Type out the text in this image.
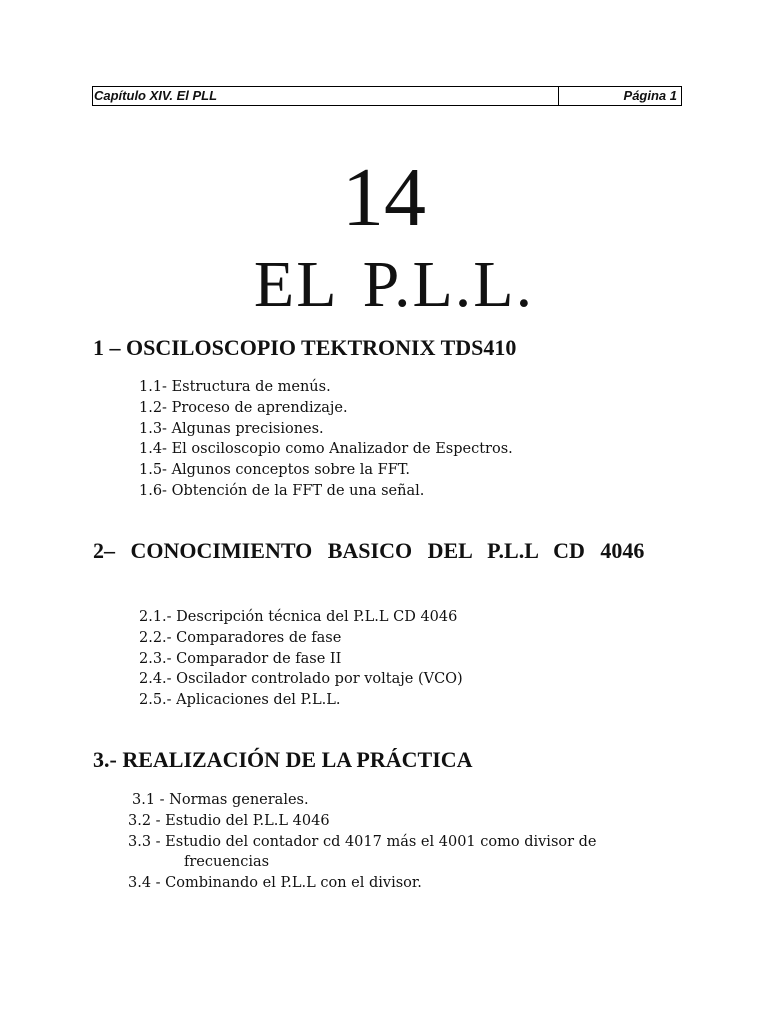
Capítulo XIV. El PLL	Página 1
14
EL P.L.L.
1 – OSCILOSCOPIO TEKTRONIX TDS410
1.1- Estructura de menús.
1.2- Proceso de aprendizaje.
1.3- Algunas precisiones.
1.4- El osciloscopio como Analizador de Espectros.
1.5- Algunos conceptos sobre la FFT.
1.6- Obtención de la FFT de una señal.
2– CONOCIMIENTO BASICO DEL P.L.L CD 4046
2.1.- Descripción técnica del P.L.L CD 4046
2.2.- Comparadores de fase
2.3.- Comparador de fase II
2.4.- Oscilador controlado por voltaje (VCO)
2.5.- Aplicaciones del P.L.L.
3.- REALIZACIÓN DE LA PRÁCTICA
3.1 - Normas generales.
3.2 - Estudio del P.L.L 4046
3.3 - Estudio del contador cd 4017 más el 4001 como divisor de
frecuencias
3.4 - Combinando el P.L.L con el divisor.
